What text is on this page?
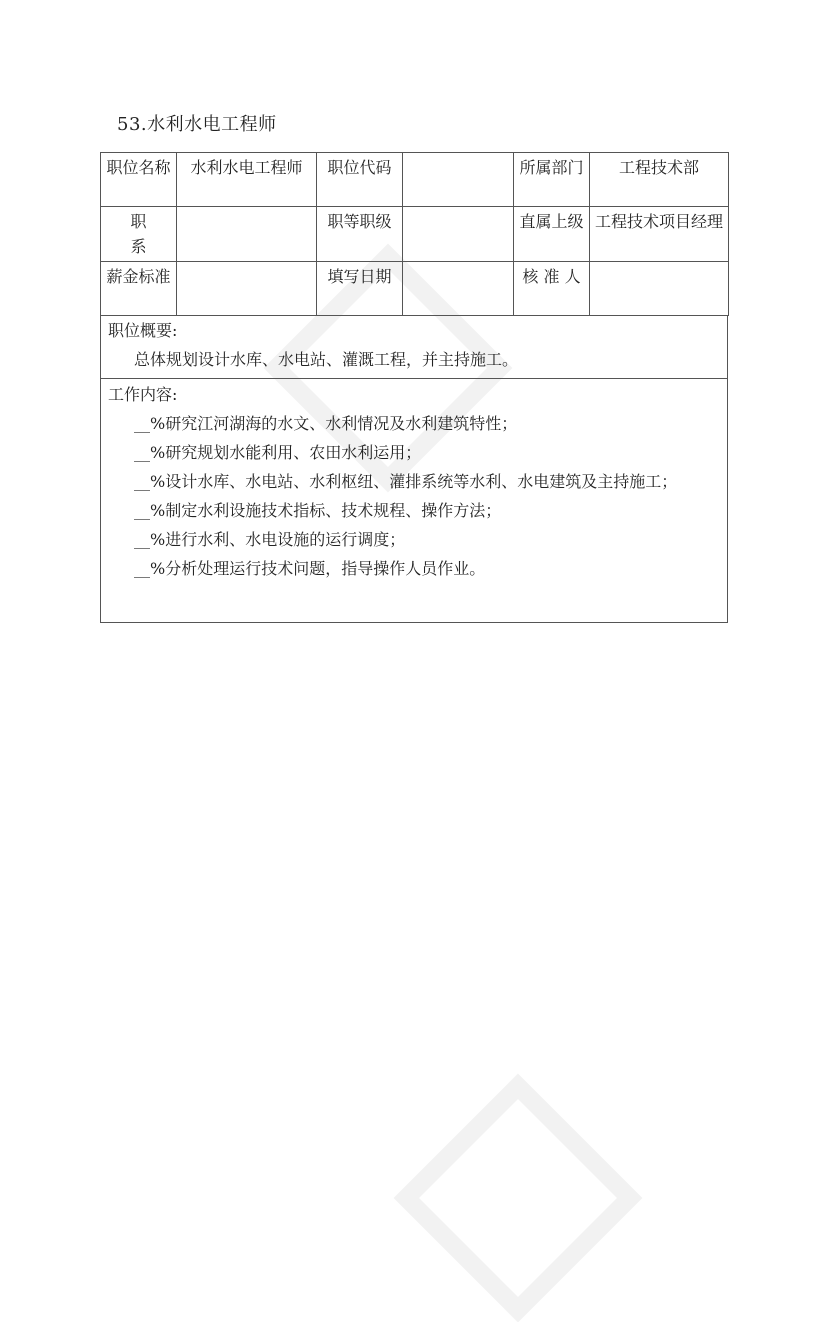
53.水利水电工程师
职位名称	水利水电工程师	职位代码		所属部门	工程技术部
职系		职等职级		直属上级	工程技术项目经理
薪金标准		填写日期		核 准 人	
职位概要:
总体规划设计水库、水电站、灌溉工程，并主持施工。
工作内容:
__%研究江河湖海的水文、水利情况及水利建筑特性；
__%研究规划水能利用、农田水利运用；
__%设计水库、水电站、水利枢纽、灌排系统等水利、水电建筑及主持施工；
__%制定水利设施技术指标、技术规程、操作方法；
__%进行水利、水电设施的运行调度；
__%分析处理运行技术问题，指导操作人员作业。
